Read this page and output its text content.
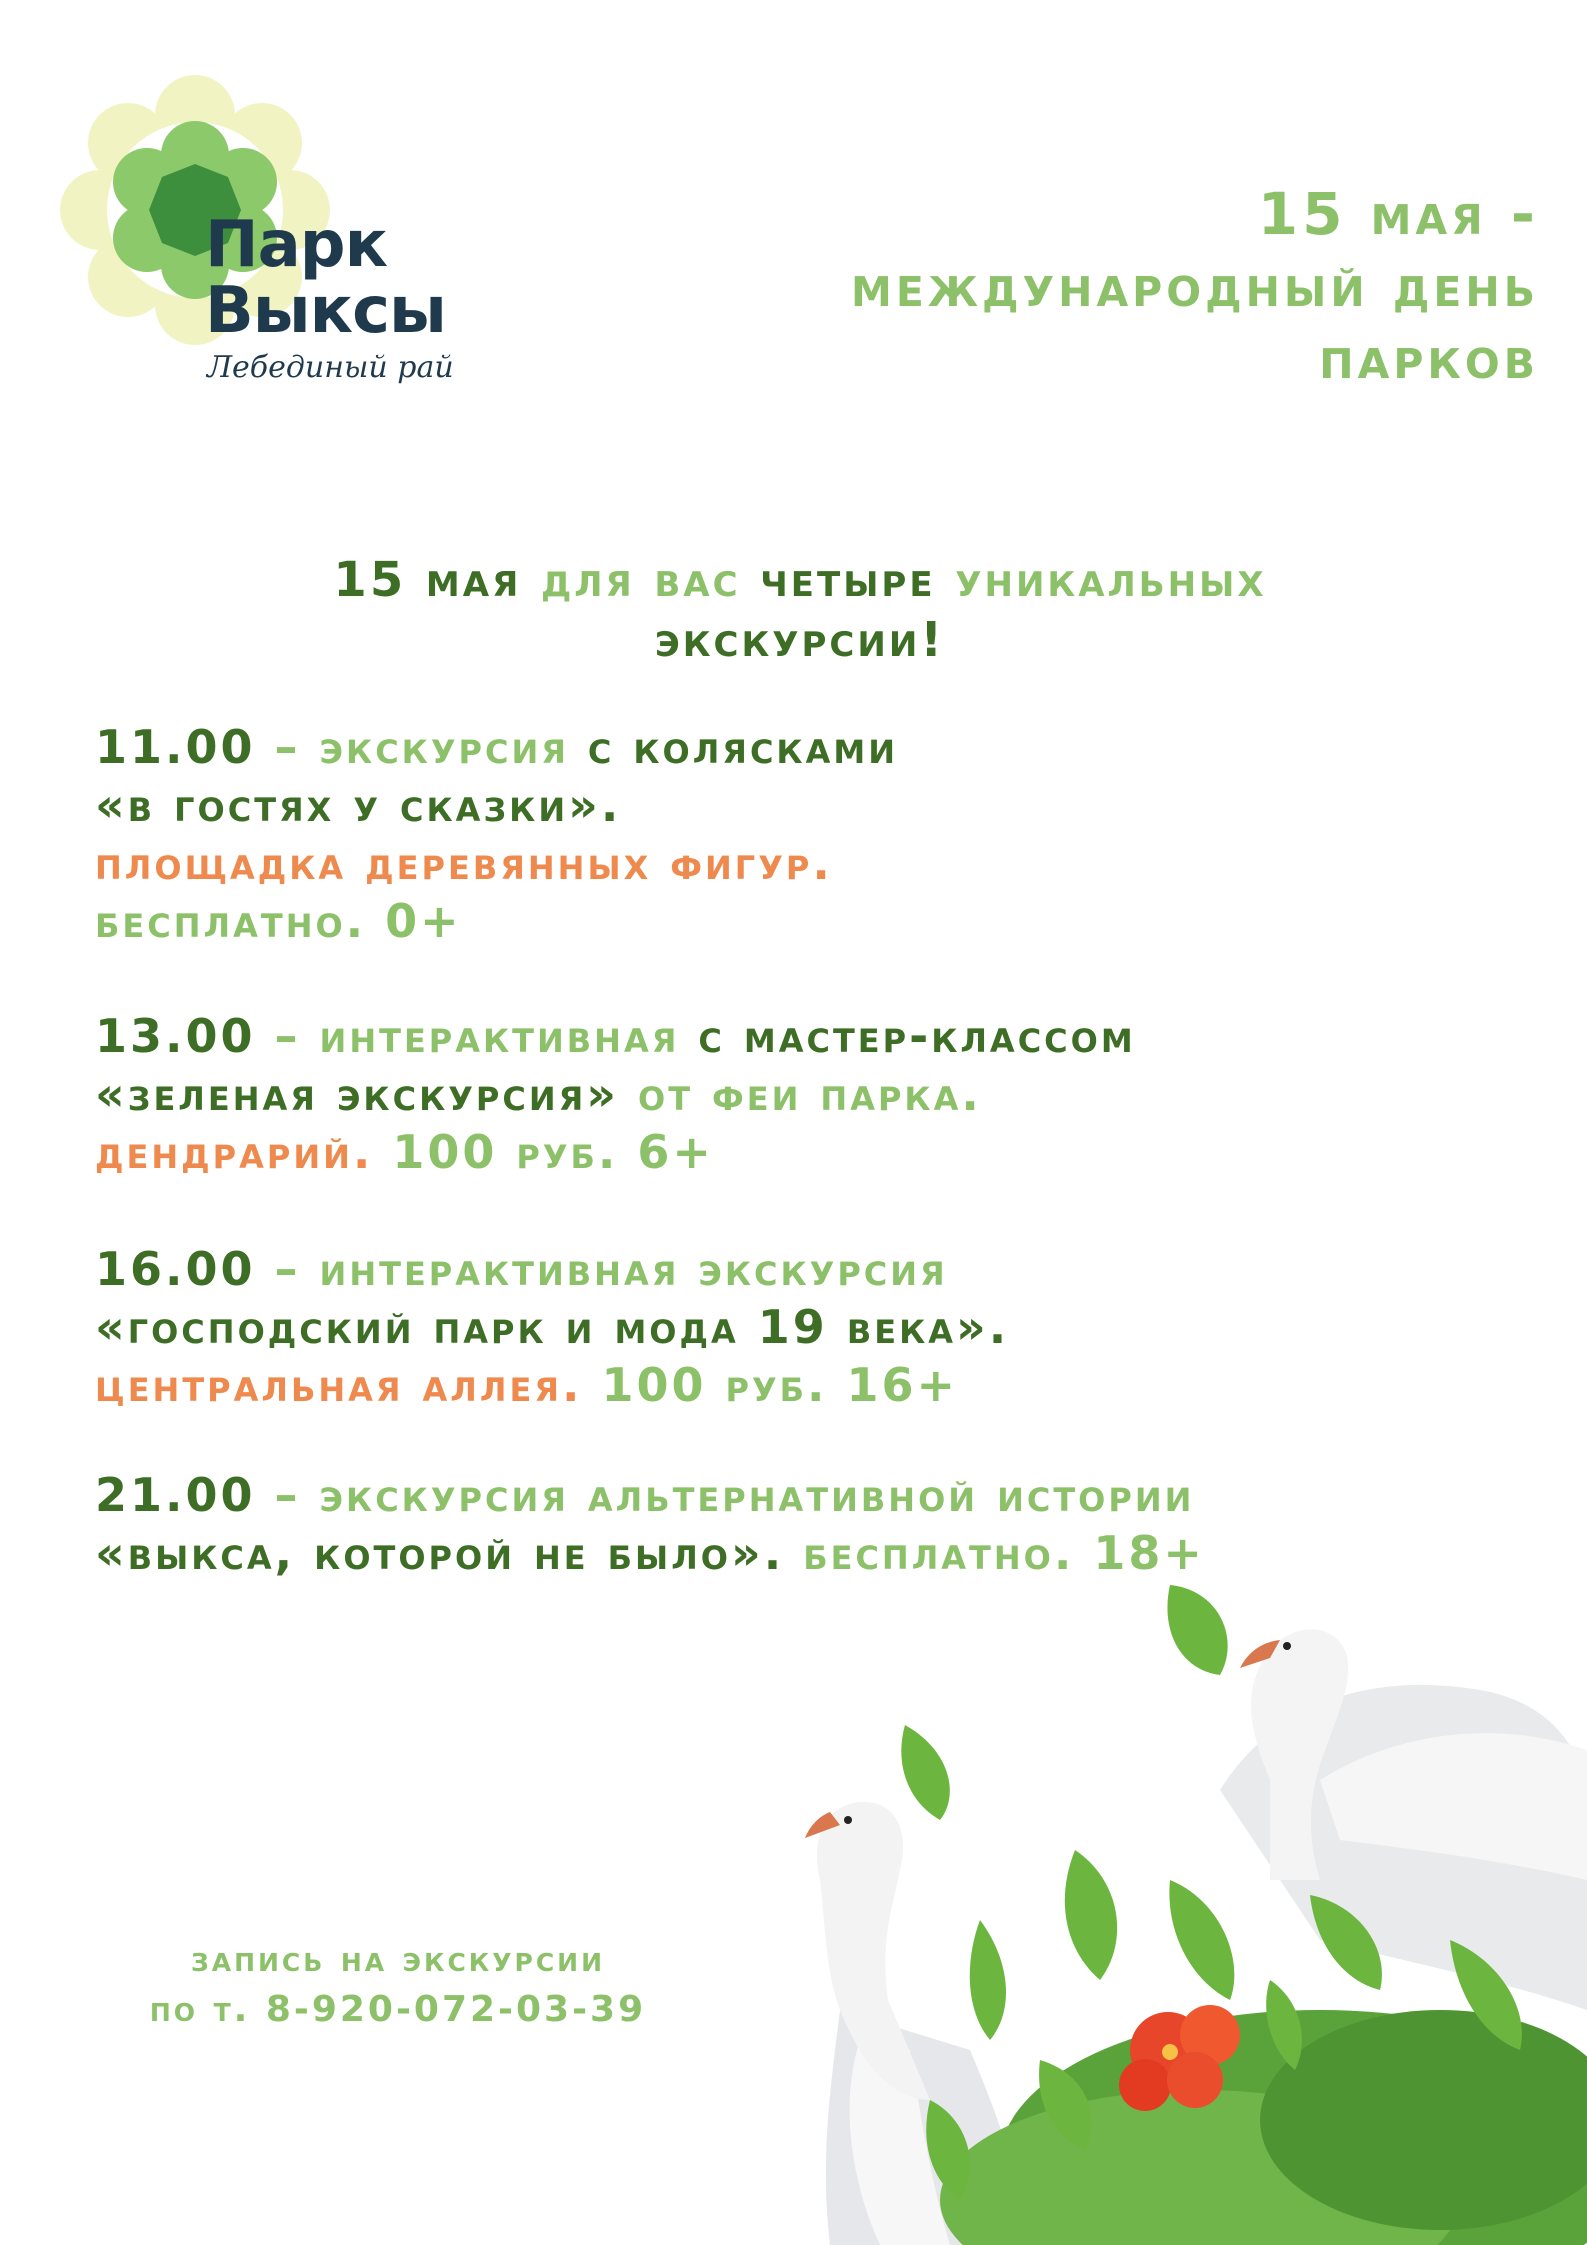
Парк
Выксы
Лебединый рай
15 мая -
международный день
парков
15 мая для вас четыре уникальных
экскурсии!
11.00 – экскурсия с колясками
«в гостях у сказки».
площадка деревянных фигур.
бесплатно. 0+
13.00 – интерактивная с мастер-классом
«зеленая экскурсия» от феи парка.
дендрарий. 100 руб. 6+
16.00 – интерактивная экскурсия
«господский парк и мода 19 века».
центральная аллея. 100 руб. 16+
21.00 – экскурсия альтернативной истории
«выкса, которой не было». бесплатно. 18+
запись на экскурсии
по т. 8-920-072-03-39
